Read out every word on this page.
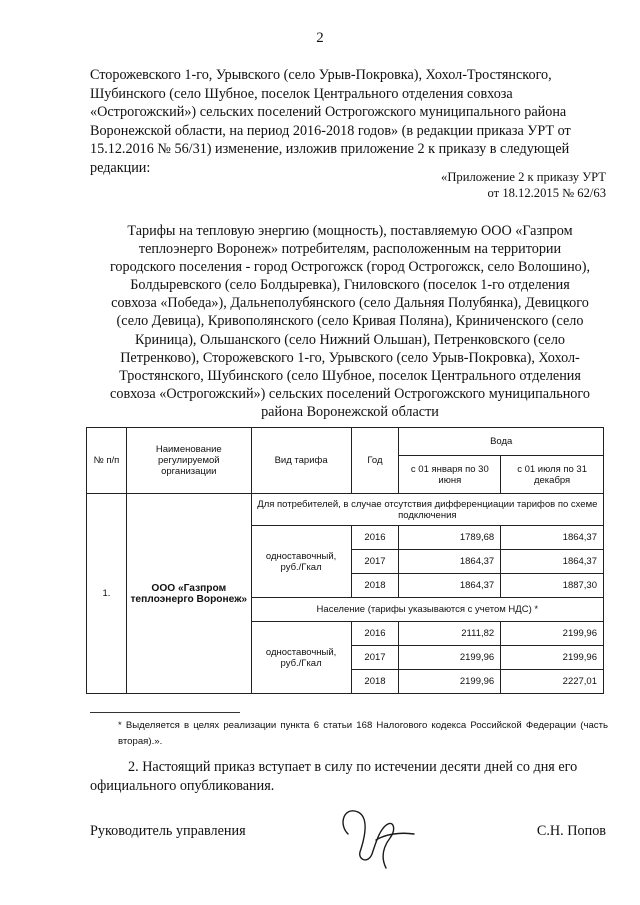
2
Сторожевского 1-го, Урывского (село Урыв-Покровка), Хохол-Тростянского,
Шубинского (село Шубное, поселок Центрального отделения совхоза
«Острогожский») сельских поселений Острогожского муниципального района
Воронежской области, на период 2016-2018 годов» (в редакции приказа УРТ от
15.12.2016 № 56/31) изменение, изложив приложение 2 к приказу в следующей
редакции:
«Приложение 2 к приказу УРТ
от 18.12.2015 № 62/63
Тарифы на тепловую энергию (мощность), поставляемую ООО «Газпром
теплоэнерго Воронеж» потребителям, расположенным на территории
городского поселения - город Острогожск (город Острогожск, село Волошино),
Болдыревского (село Болдыревка), Гниловского (поселок 1-го отделения
совхоза «Победа»), Дальнеполубянского (село Дальняя Полубянка), Девицкого
(село Девица), Кривополянского (село Кривая Поляна), Криниченского (село
Криница), Ольшанского (село Нижний Ольшан), Петренковского (село
Петренково), Сторожевского 1-го, Урывского (село Урыв-Покровка), Хохол-
Тростянского, Шубинского (село Шубное, поселок Центрального отделения
совхоза «Острогожский») сельских поселений Острогожского муниципального
района Воронежской области
№ п/п	Наименование регулируемой организации	Вид тарифа	Год	Вода	
				с 01 января по 30 июня	с 01 июля по 31 декабря
1.	ООО «Газпром теплоэнерго Воронеж»	Для потребителей, в случае отсутствия дифференциации тарифов по схеме подключения			
		одноставочный, руб./Гкал	2016	1789,68	1864,37
			2017	1864,37	1864,37
			2018	1864,37	1887,30
		Население (тарифы указываются с учетом НДС) *			
		одноставочный, руб./Гкал	2016	2111,82	2199,96
			2017	2199,96	2199,96
			2018	2199,96	2227,01
* Выделяется в целях реализации пункта 6 статьи 168 Налогового кодекса Российской Федерации (часть вторая).».
2. Настоящий приказ вступает в силу по истечении десяти дней со дня его
официального опубликования.
Руководитель управления	С.Н. Попов
